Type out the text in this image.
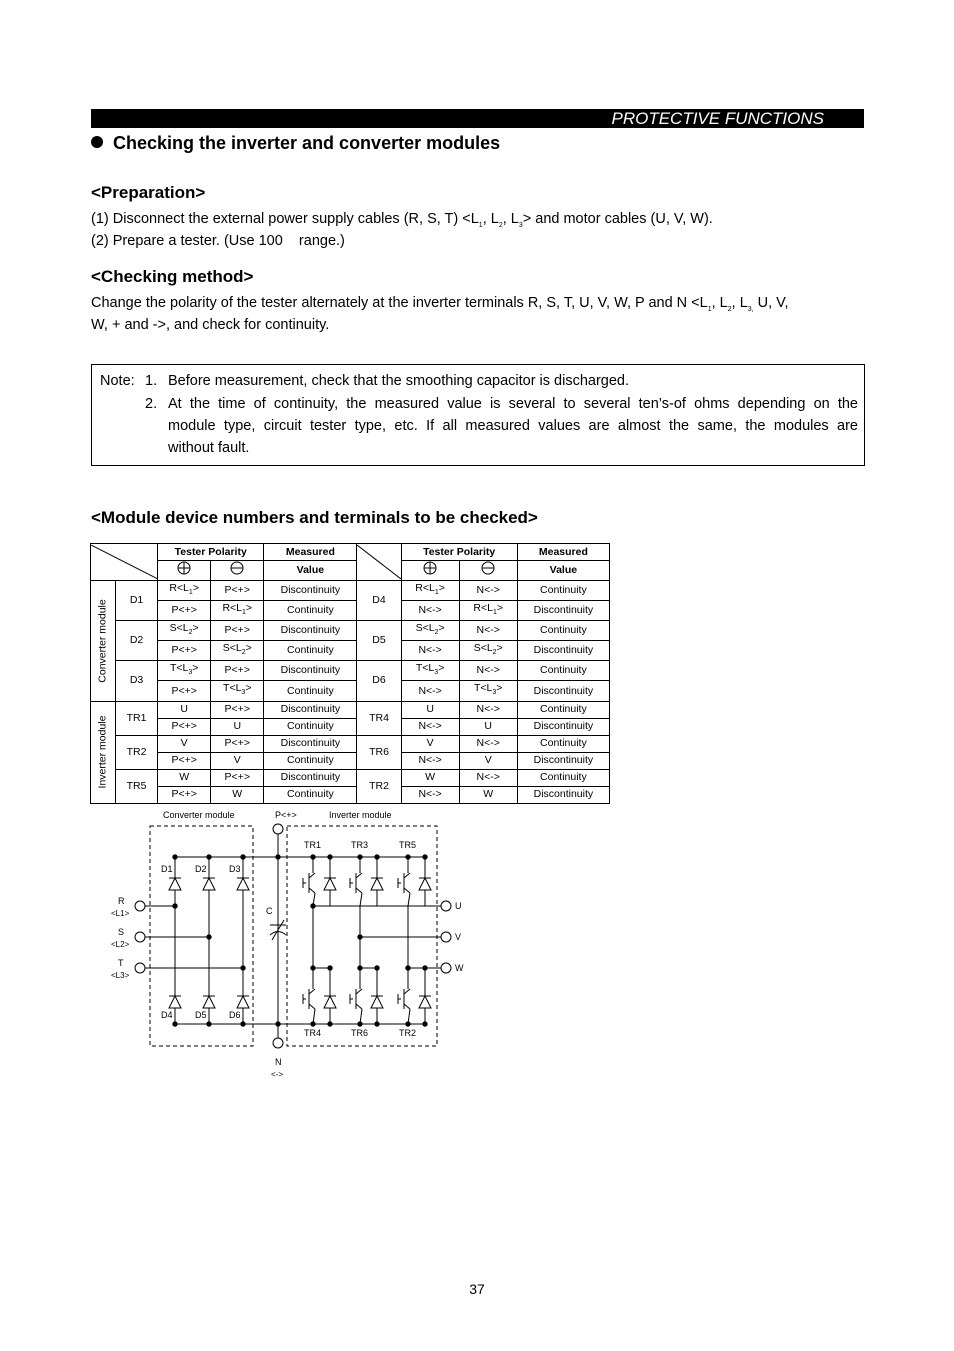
PROTECTIVE FUNCTIONS
Checking the inverter and converter modules
<Preparation>
(1) Disconnect the external power supply cables (R, S, $T) <L_1$, $L_2$, $L_3>$ and motor cables (U, V, W).
(2) Prepare a tester. (Use 100    range.)
<Checking method>
Change the polarity of the tester alternately at the inverter terminals R, S, T, U, V, W, P and $N <L_1$, $L_2$, $L_{3,}$ U, V,
W, + and ->, and check for continuity.
Note: 1. Before measurement, check that the smoothing capacitor is discharged.
2. At the time of continuity, the measured value is several to several ten’s-of ohms depending on the
module type, circuit tester type, etc. If all measured values are almost the same, the modules are
without fault.
<Module device numbers and terminals to be checked>
	Tester Polarity		Measured		Tester Polarity		Measured
		Value				Value

Converter module	D1	$R<L_1>$	P<+>	Discontinuity	D4	$R<L_1>$	N<->	Continuity
		P<+>	$R<L_1>$	Continuity		N<->	$R<L_1>$	Discontinuity
	D2	$S<L_2>$	P<+>	Discontinuity	D5	$S<L_2>$	N<->	Continuity
		P<+>	$S<L_2>$	Continuity		N<->	$S<L_2>$	Discontinuity
	D3	$T<L_3>$	P<+>	Discontinuity	D6	$T<L_3>$	N<->	Continuity
		P<+>	$T<L_3>$	Continuity		N<->	$T<L_3>$	Discontinuity

Inverter module	TR1	U	P<+>	Discontinuity	TR4	U	N<->	Continuity
		P<+>	U	Continuity		N<->	U	Discontinuity
	TR2	V	P<+>	Discontinuity	TR6	V	N<->	Continuity
		P<+>	V	Continuity		N<->	V	Discontinuity
	TR5	W	P<+>	Discontinuity	TR2	W	N<->	Continuity
		P<+>	W	Continuity		N<->	W	Discontinuity
Converter module	Inverter module
P<+>
N
<->
C
D1
D4
D2
D5
D3
D6
R
<L1>
S
<L2>
T
<L3>
TR1
TR4
TR3
TR6
TR5
TR2
U
V
W
37
